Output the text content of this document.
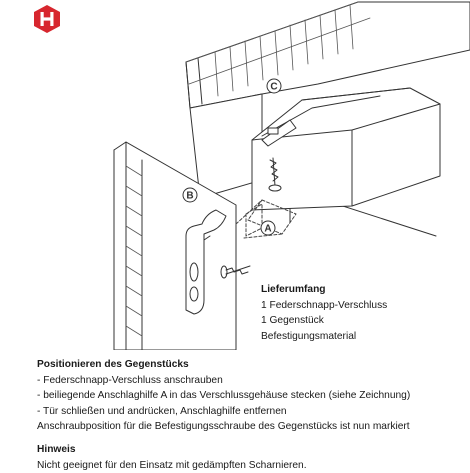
H
C
B
A
Lieferumfang
1 Federschnapp-Verschluss
1 Gegenstück
Befestigungsmaterial
Positionieren des Gegenstücks
- Federschnapp-Verschluss anschrauben
- beiliegende Anschlaghilfe A in das Verschlussgehäuse stecken (siehe Zeichnung)
- Tür schließen und andrücken, Anschlaghilfe entfernen
Anschraubposition für die Befestigungsschraube des Gegenstücks ist nun markiert
Hinweis
Nicht geeignet für den Einsatz mit gedämpften Scharnieren.
